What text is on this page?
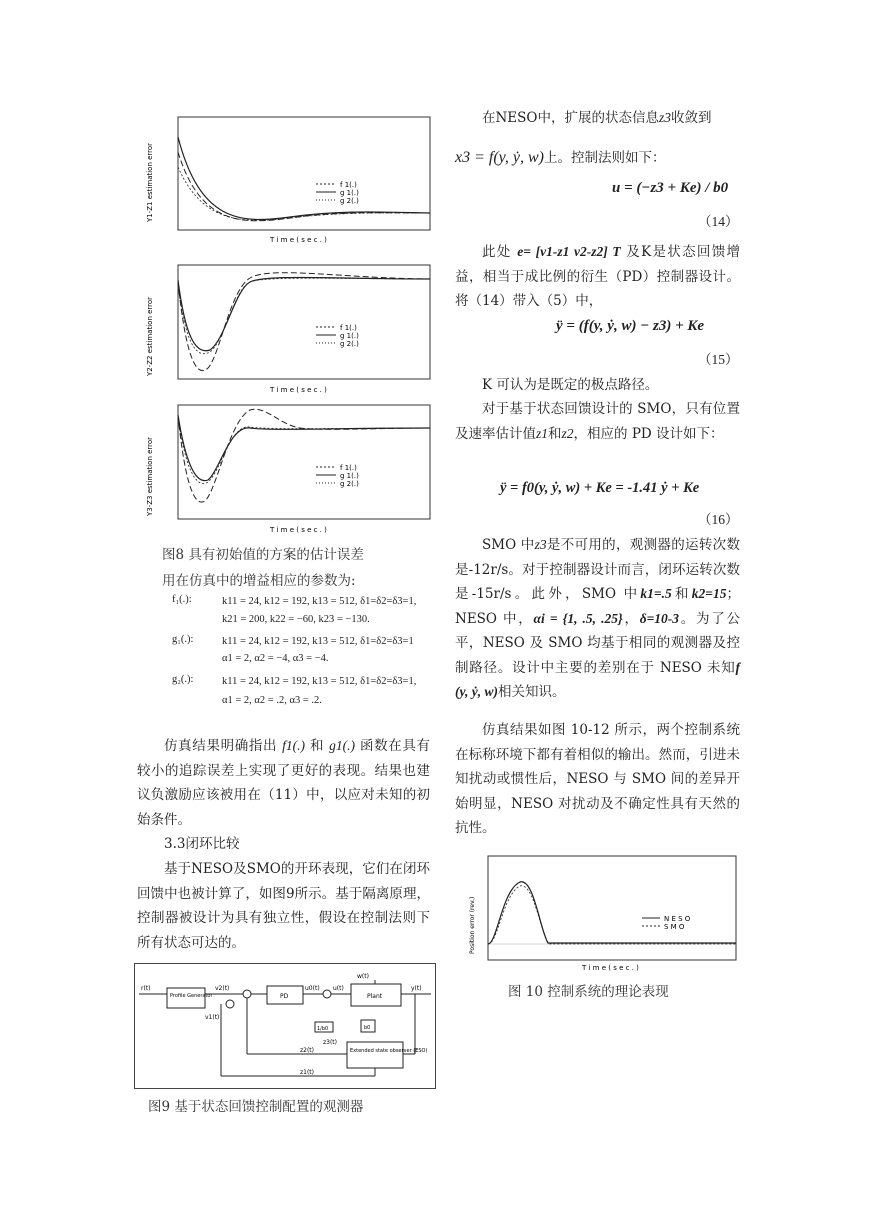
f 1(.)
g 1(.)
g 2(.)
T i m e ( s e c . )
Y1-Z1 estimation error
f 1(.)
g 1(.)
g 2(.)
T i m e ( s e c . )
Y2-Z2 estimation error
f 1(.)
g 1(.)
g 2(.)
T i m e ( s e c . )
Y3-Z3 estimation error
图8 具有初始值的方案的估计误差
用在仿真中的增益相应的参数为:
f₁(.):	k11 = 24, k12 = 192, k13 = 512, δ1=δ2=δ3=1,
k21 = 200, k22 = −60, k23 = −130.
g₁(.):	k11 = 24, k12 = 192, k13 = 512, δ1=δ2=δ3=1
α1 = 2, α2 = −4, α3 = −4.
g₂(.):	k11 = 24, k12 = 192, k13 = 512, δ1=δ2=δ3=1,
α1 = 2, α2 = .2, α3 = .2.
仿真结果明确指出 f1(.) 和 g1(.) 函数在具有较小的追踪误差上实现了更好的表现。结果也建议负激励应该被用在（11）中，以应对未知的初始条件。
3.3闭环比较
基于NESO及SMO的开环表现，它们在闭环回馈中也被计算了，如图9所示。基于隔离原理，控制器被设计为具有独立性，假设在控制法则下所有状态可达的。
r(t)
Profile Generator
v2(t)
v1(t)
PD
u0(t) u(t)
Plant
w(t)
y(t)
1/b0	b0
z3(t)
Extended state observer (ESO)
z2(t)
z1(t)
图9 基于状态回馈控制配置的观测器
在NESO中，扩展的状态信息z3收敛到
x3 = f(y, ẏ, w)上。控制法则如下：
u = (−z3 + Ke) / b0
（14）
此处 e= [v1-z1 v2-z2] T 及K是状态回馈增益，相当于成比例的衍生（PD）控制器设计。将（14）带入（5）中，
ÿ = (f(y, ẏ, w) − z3) + Ke
（15）
K 可认为是既定的极点路径。
对于基于状态回馈设计的 SMO，只有位置及速率估计值z1和z2，相应的 PD 设计如下：
ÿ = f0(y, ẏ, w) + Ke = -1.41 ẏ + Ke
（16）
SMO 中z3是不可用的，观测器的运转次数是-12r/s。对于控制器设计而言，闭环运转次数是-15r/s。此外，SMO 中k1=.5和k2=15； NESO 中，αi = {1, .5, .25}，δ=10-3。为了公平，NESO 及 SMO 均基于相同的观测器及控制路径。设计中主要的差别在于 NESO 未知f (y, ẏ, w)相关知识。
仿真结果如图 10-12 所示，两个控制系统在标称环境下都有着相似的输出。然而，引进未知扰动或惯性后，NESO 与 SMO 间的差异开始明显，NESO 对扰动及不确定性具有天然的抗性。
N E S O
S M O
T i m e ( s e c . )
Position error (rev.)
图 10 控制系统的理论表现
